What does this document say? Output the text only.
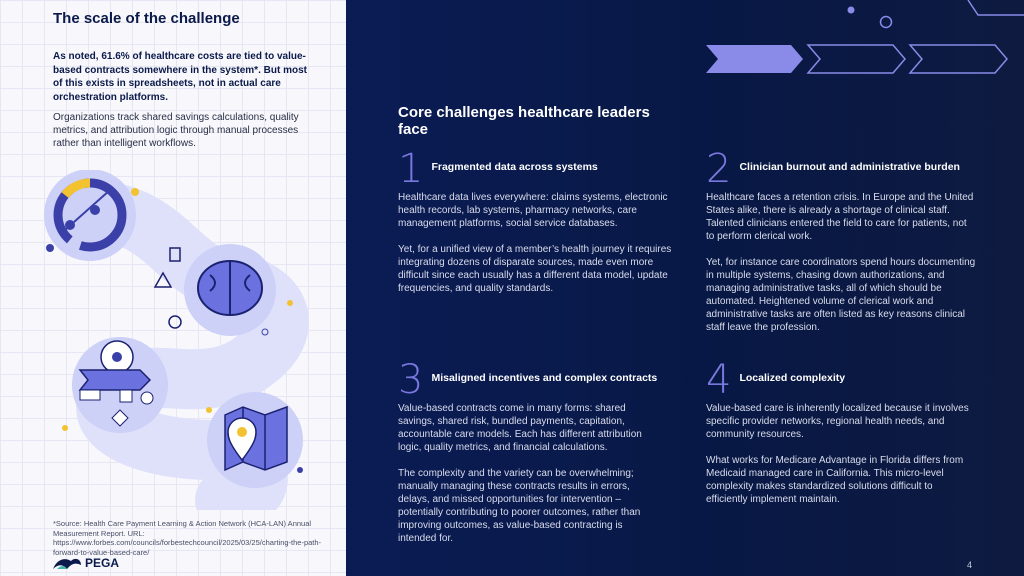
The scale of the challenge
As noted, 61.6% of healthcare costs are tied to value-based contracts somewhere in the system*. But most of this exists in spreadsheets, not in actual care orchestration platforms.
Organizations track shared savings calculations, quality metrics, and attribution logic through manual processes rather than intelligent workflows.
*Source: Health Care Payment Learning & Action Network (HCA-LAN) Annual Measurement Report. URL: https://www.forbes.com/councils/forbestechcouncil/2025/03/25/charting-the-path-forward-to-value-based-care/
PEGA
Core challenges healthcare leaders face
1 Fragmented data across systems

Healthcare data lives everywhere: claims systems, electronic health records, lab systems, pharmacy networks, care management platforms, social service databases.

Yet, for a unified view of a member’s health journey it requires integrating dozens of disparate sources, made even more difficult since each usually has a different data model, update frequencies, and quality standards.

2 Clinician burnout and administrative burden

Healthcare faces a retention crisis. In Europe and the United States alike, there is already a shortage of clinical staff. Talented clinicians entered the field to care for patients, not to perform clerical work.

Yet, for instance care coordinators spend hours documenting in multiple systems, chasing down authorizations, and managing administrative tasks, all of which should be automated. Heightened volume of clerical work and administrative tasks are often listed as key reasons clinical staff leave the profession.

3 Misaligned incentives and complex contracts

Value-based contracts come in many forms: shared savings, shared risk, bundled payments, capitation, accountable care models. Each has different attribution logic, quality metrics, and financial calculations.

The complexity and the variety can be overwhelming; manually managing these contracts results in errors, delays, and missed opportunities for intervention – potentially contributing to poorer outcomes, rather than improving outcomes, as value-based contracting is intended for.

4 Localized complexity

Value-based care is inherently localized because it involves specific provider networks, regional health needs, and community resources.

What works for Medicare Advantage in Florida differs from Medicaid managed care in California. This micro-level complexity makes standardized solutions difficult to efficiently implement maintain.

4
